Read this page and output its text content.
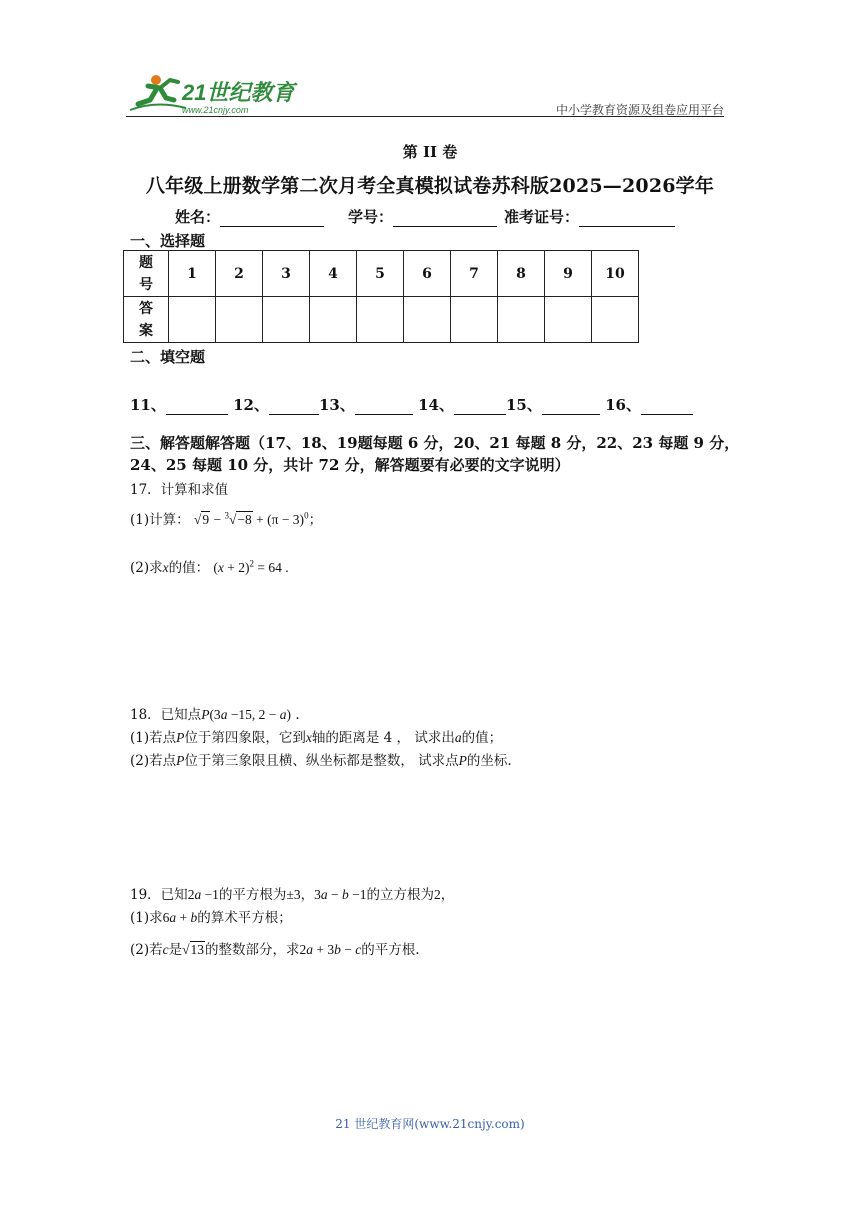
21世纪教育
www.21cnjy.com	中小学教育资源及组卷应用平台
第 II 卷
八年级上册数学第二次月考全真模拟试卷苏科版2025—2026学年
姓名：	学号：	准考证号：
一、选择题
题号	1	2	3	4	5	6	7	8	9	10
答案										
二、填空题
11、	12、	13、	14、	15、	16、
三、解答题解答题（17、18、19题每题 6 分，20、21 每题 8 分，22、23 每题 9 分，24、25 每题 10 分，共计 72 分，解答题要有必要的文字说明）
17．计算和求值
(1)计算： $√9 - ^3√-8 + (\pi - 3)^0$；
(2)求x的值： $(x + 2)^2 = 64$ .
18．已知点P(3a −15, 2 − a) .
(1)若点P位于第四象限，它到x轴的距离是 4 ， 试求出a的值；
(2)若点P位于第三象限且横、纵坐标都是整数， 试求点P的坐标.
19．已知2a −1的平方根为±3，3a − b −1的立方根为2，
(1)求6a + b的算术平方根；
(2)若c是√13的整数部分，求2a + 3b − c的平方根.
21 世纪教育网(www.21cnjy.com)
